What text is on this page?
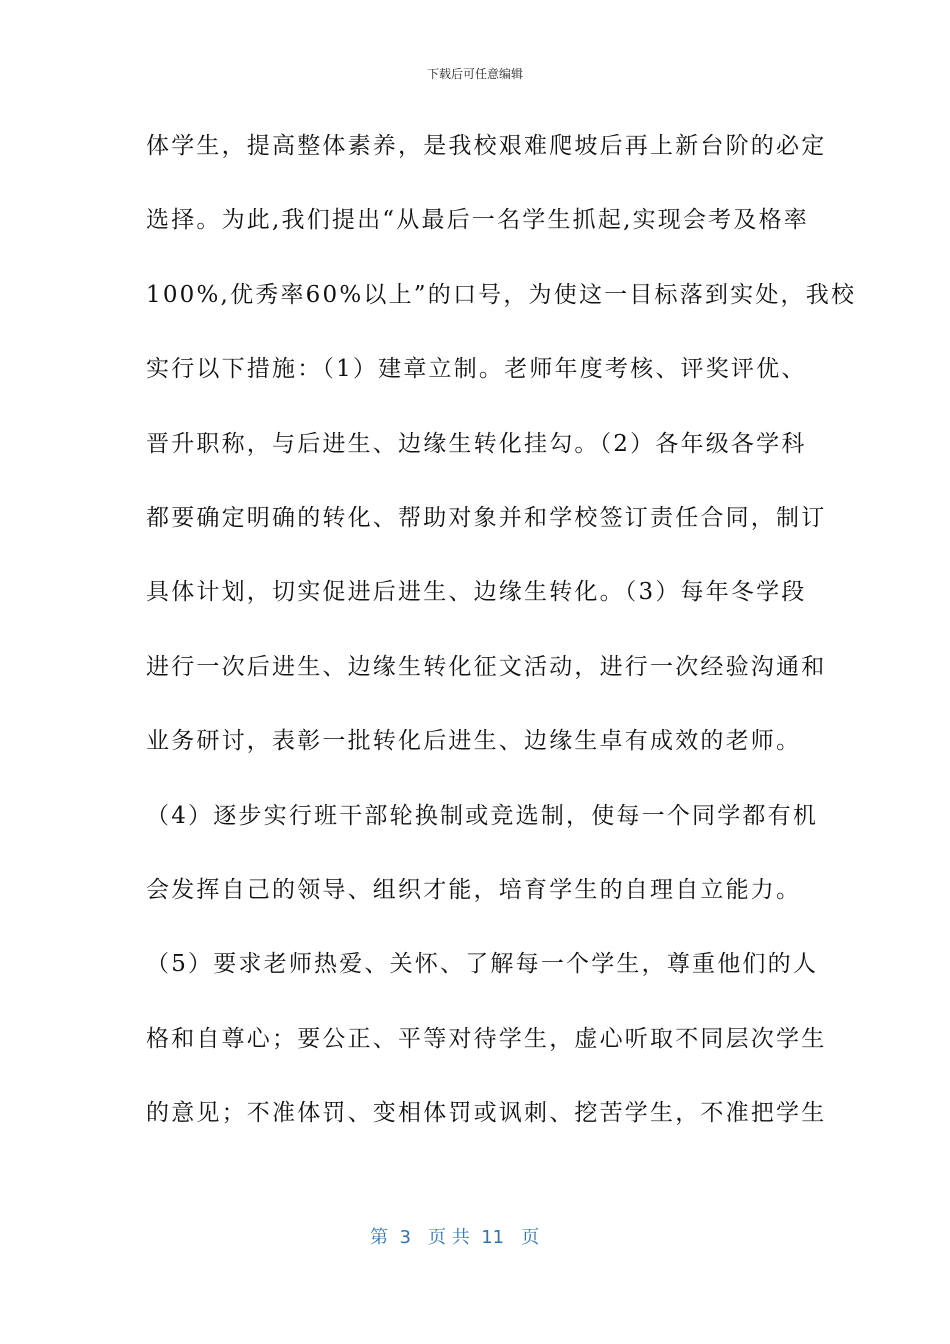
下载后可任意编辑
体学生，提高整体素养，是我校艰难爬坡后再上新台阶的必定
选择。为此,我们提出“从最后一名学生抓起,实现会考及格率
100%,优秀率60%以上”的口号，为使这一目标落到实处，我校
实行以下措施：（1）建章立制。老师年度考核、评奖评优、
晋升职称，与后进生、边缘生转化挂勾。（2）各年级各学科
都要确定明确的转化、帮助对象并和学校签订责任合同，制订
具体计划，切实促进后进生、边缘生转化。（3）每年冬学段
进行一次后进生、边缘生转化征文活动，进行一次经验沟通和
业务研讨，表彰一批转化后进生、边缘生卓有成效的老师。
（4）逐步实行班干部轮换制或竞选制，使每一个同学都有机
会发挥自己的领导、组织才能，培育学生的自理自立能力。
（5）要求老师热爱、关怀、了解每一个学生，尊重他们的人
格和自尊心；要公正、平等对待学生，虚心听取不同层次学生
的意见；不准体罚、变相体罚或讽刺、挖苦学生，不准把学生
第  3   页 共  11   页
